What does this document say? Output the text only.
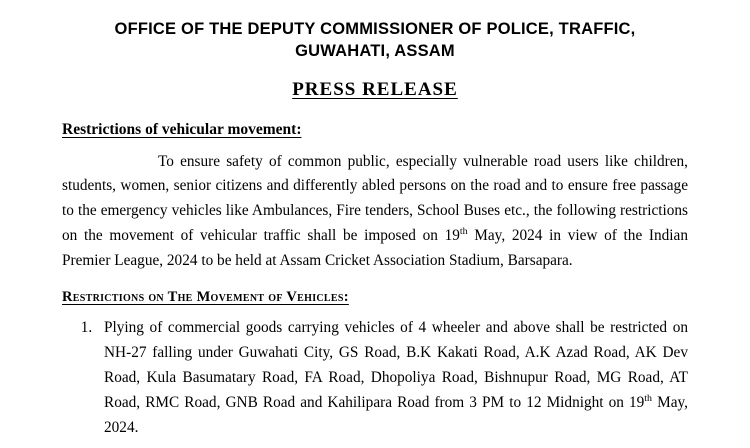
OFFICE OF THE DEPUTY COMMISSIONER OF POLICE, TRAFFIC, GUWAHATI, ASSAM
PRESS RELEASE
Restrictions of vehicular movement:

To ensure safety of common public, especially vulnerable road users like children, students, women, senior citizens and differently abled persons on the road and to ensure free passage to the emergency vehicles like Ambulances, Fire tenders, School Buses etc., the following restrictions on the movement of vehicular traffic shall be imposed on 19th May, 2024 in view of the Indian Premier League, 2024 to be held at Assam Cricket Association Stadium, Barsapara.

Restrictions on The Movement of Vehicles:
1. Plying of commercial goods carrying vehicles of 4 wheeler and above shall be restricted on NH-27 falling under Guwahati City, GS Road, B.K Kakati Road, A.K Azad Road, AK Dev Road, Kula Basumatary Road, FA Road, Dhopoliya Road, Bishnupur Road, MG Road, AT Road, RMC Road, GNB Road and Kahilipara Road from 3 PM to 12 Midnight on 19th May, 2024.
